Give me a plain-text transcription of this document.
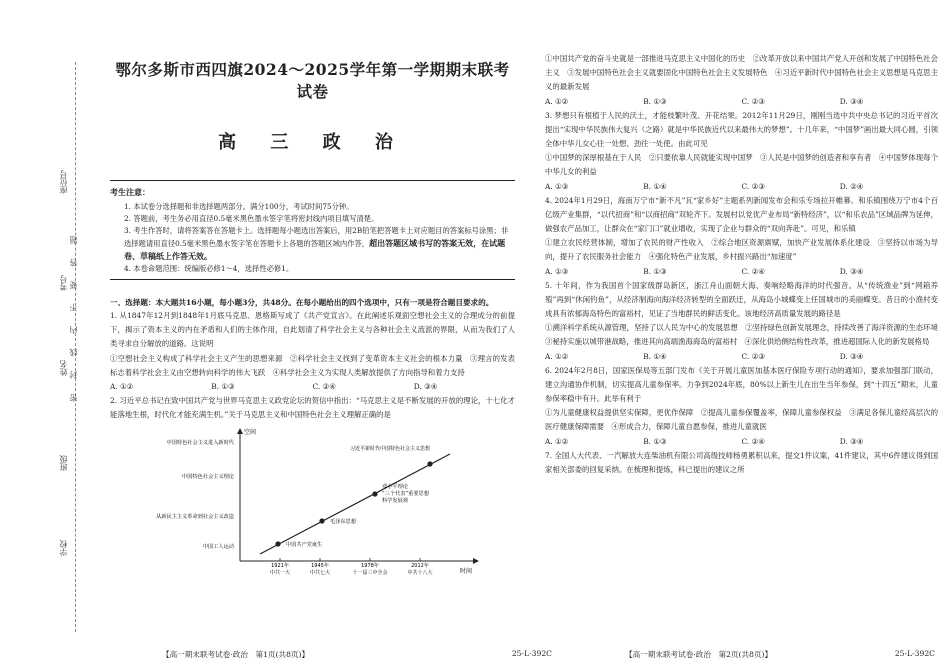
座位号
考号
姓名
班级
学校
密 封 线 内 不 要 答 题
鄂尔多斯市西四旗2024～2025学年第一学期期末联考试卷
高 三 政 治
考生注意：
1. 本试卷分选择题和非选择题两部分。满分100分，考试时间75分钟。
2. 答题前，考生务必用直径0.5毫米黑色墨水签字笔将密封线内项目填写清楚。
3. 考生作答时，请将答案答在答题卡上。选择题每小题选出答案后，用2B铅笔把答题卡上对应题目的答案标号涂黑；非选择题请用直径0.5毫米黑色墨水签字笔在答题卡上各题的答题区域内作答，超出答题区域书写的答案无效，在试题卷、草稿纸上作答无效。
4. 本卷命题范围：统编版必修1～4，选择性必修1。
一、选择题：本大题共16小题，每小题3分，共48分。在每小题给出的四个选项中，只有一项是符合题目要求的。

1. 从1847年12月到1848年1月底马克思、恩格斯写成了《共产党宣言》。在此阐述乐观面空想社会主义的合理成分的前提下，揭示了资本主义的内在矛盾和人们的主体作用，自此划清了科学社会主义与各种社会主义流派的界限，从而为我们了人类寻求自分解放的道路。这说明

①空想社会主义构成了科学社会主义产生的思想来源　②科学社会主义找到了变革资本主义社会的根本力量　③理言的发表标志着科学社会主义由空想转向科学的伟大飞跃　④科学社会主义为实现人类解放提供了方向指导和着力支持

A. ①②	B. ①③	C. ②④	D. ③④

2. 习近平总书记在致中国共产党与世界马克思主义政党论坛的贺信中指出：“马克思主义是不断发展的开放的理论，十七化才能落地生根，时代化才能充满生机。”关于马克思主义和中国特色社会主义理解正确的是

空间
时间
中国特色社会主义进入新时代
中国特色社会主义理论
从新民主主义革命到社会主义改造
中国工人运动
1921年
中共一大
1945年
中共七大
1978年
十一届三中全会
2012年
中共十八大
中国共产党诞生
毛泽东思想
邓小平理论
“三个代表”重要思想
科学发展观
习近平新时代中国特色社会主义思想
【高一期末联考试卷·政治　第1页(共8页)】	25-L-392C

①中国共产党的奋斗史就是一部推进马克思主义中国化的历史　②改革开放以来中国共产党人开创和发展了中国特色社会主义　③发展中国特色社会主义就要固化中国特色社会主义发展特色　④习近平新时代中国特色社会主义思想是马克思主义的最新发展

A. ①②	B. ①③	C. ②③	D. ③④

3. 梦想只有根植于人民的沃土，才能枝繁叶茂、开花结果。2012年11月29日，刚刚当选中共中央总书记的习近平首次提出“实现中华民族伟大复兴（之路）就是中华民族近代以来最伟大的梦想”。十几年来，“中国梦”画出最大同心圆，引领全体中华儿女心往一处想、劲往一处使。由此可见

①中国梦的深厚根基在于人民　②只要依靠人民就能实现中国梦　③人民是中国梦的创造者和享有者　④中国梦体现每个中华儿女的利益

A. ①③	B. ①④	C. ②③	D. ②④

4. 2024年1月29日，海南万宁市“新不凡”瓦“家乡好”主题系列新闻发布会和乐专场拉开帷幕。和乐镇围绕万宁市4个百亿级产业集群，“以代招商”和“以商招商”双轮齐下。发展村以党优产业布局“新特经济”，以“和乐农品”区域品牌为延伸，做强农产品加工，让群众在“家门口”就业增收，实现了企业与群众的“双向奔赴”。可见，和乐镇

①建立农民经营体制，增加了农民的财产性收入　②综合地区资源禀赋，加快产业发展体系化建设　③坚持以市场为导向，提升了农民服务社会能力　④强化特色产业发展，乡村振兴路出“加速度”

A. ①③	B. ①③	C. ②④	D. ③④

5. 十年间，作为我国首个国家级群岛新区，浙江舟山面朝大海、奏响经略海洋的时代强音。从“传统渔业”到“网箱养殖”再到“休闲钓鱼”，从经济制海向海洋经济转型的全面跃迁，从海岛小城蝶变上任国城市的美丽蝶变。昔日的小渔村变成具有浓郁海岛特色的富裕村，见证了当地群民的鲜活变化。该地经济高质量发展的路径是

①溯洋科学系统从源管理，坚持了以人民为中心的发展思想　②坚持绿色创新发展理念，持续改善了海洋资源的生态环境　③秘持实施以城带港战略，推进其向高端渔海海岛的富裕村　④深化供给侧结构性改革，推进超国际人化的新发展格局

A. ①②	B. ①④	C. ②③	D. ③④

6. 2024年2月8日，国家医保局等五部门发布《关于开展儿童医加基本医疗保险专项行动的通知》，要求加强部门联动，建立沟通协作机制，切实提高儿童参保率。力争到2024年底，80%以上新生儿在出生当年参保，到“十四五”期末，儿童参保率稳中有升。此举有利于

①为儿童健康权益提供坚实保障，更优作保障　②提高儿童参保覆盖率，保障儿童参保权益　③满足各保儿童经高层次的医疗健康保障需要　④形成合力，保障儿童自愿参保，推进儿童就医

A. ①②	B. ①③	C. ②④	D. ③④

7. 全国人大代表、一汽解放大连柴油机有限公司高级技师杨勇累积以来，提交1件议案，41件建议，其中6件建议得到国家相关部委的回复采纳。在梳理和提炼，科已提出的建议之所

【高一期末联考试卷·政治　第2页(共8页)】	25-L-392C
